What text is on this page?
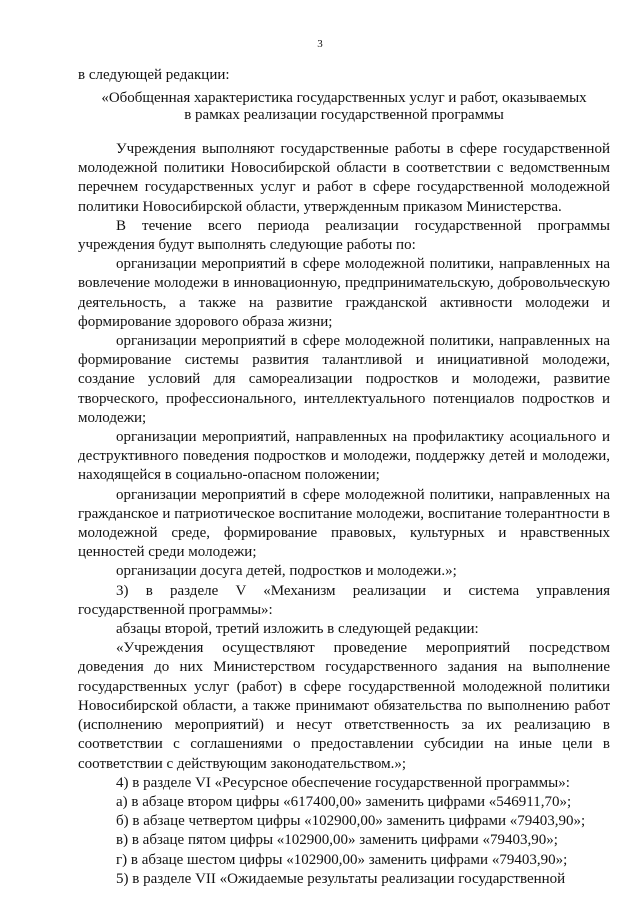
3
в следующей редакции:
«Обобщенная характеристика государственных услуг и работ, оказываемых
в рамках реализации государственной программы

Учреждения выполняют государственные работы в сфере государственной молодежной политики Новосибирской области в соответствии с ведомственным перечнем государственных услуг и работ в сфере государственной молодежной политики Новосибирской области, утвержденным приказом Министерства.

В течение всего периода реализации государственной программы учреждения будут выполнять следующие работы по:

организации мероприятий в сфере молодежной политики, направленных на вовлечение молодежи в инновационную, предпринимательскую, добровольческую деятельность, а также на развитие гражданской активности молодежи и формирование здорового образа жизни;

организации мероприятий в сфере молодежной политики, направленных на формирование системы развития талантливой и инициативной молодежи, создание условий для самореализации подростков и молодежи, развитие творческого, профессионального, интеллектуального потенциалов подростков и молодежи;

организации мероприятий, направленных на профилактику асоциального и деструктивного поведения подростков и молодежи, поддержку детей и молодежи, находящейся в социально-опасном положении;

организации мероприятий в сфере молодежной политики, направленных на гражданское и патриотическое воспитание молодежи, воспитание толерантности в молодежной среде, формирование правовых, культурных и нравственных ценностей среди молодежи;

организации досуга детей, подростков и молодежи.»;

3) в разделе V «Механизм реализации и система управления государственной программы»:

абзацы второй, третий изложить в следующей редакции:

«Учреждения осуществляют проведение мероприятий посредством доведения до них Министерством государственного задания на выполнение государственных услуг (работ) в сфере государственной молодежной политики Новосибирской области, а также принимают обязательства по выполнению работ (исполнению мероприятий) и несут ответственность за их реализацию в соответствии с соглашениями о предоставлении субсидии на иные цели в соответствии с действующим законодательством.»;

4) в разделе VI «Ресурсное обеспечение государственной программы»:

а) в абзаце втором цифры «617400,00» заменить цифрами «546911,70»;

б) в абзаце четвертом цифры «102900,00» заменить цифрами «79403,90»;

в) в абзаце пятом цифры «102900,00» заменить цифрами «79403,90»;

г) в абзаце шестом цифры «102900,00» заменить цифрами «79403,90»;

5) в разделе VII «Ожидаемые результаты реализации государственной
